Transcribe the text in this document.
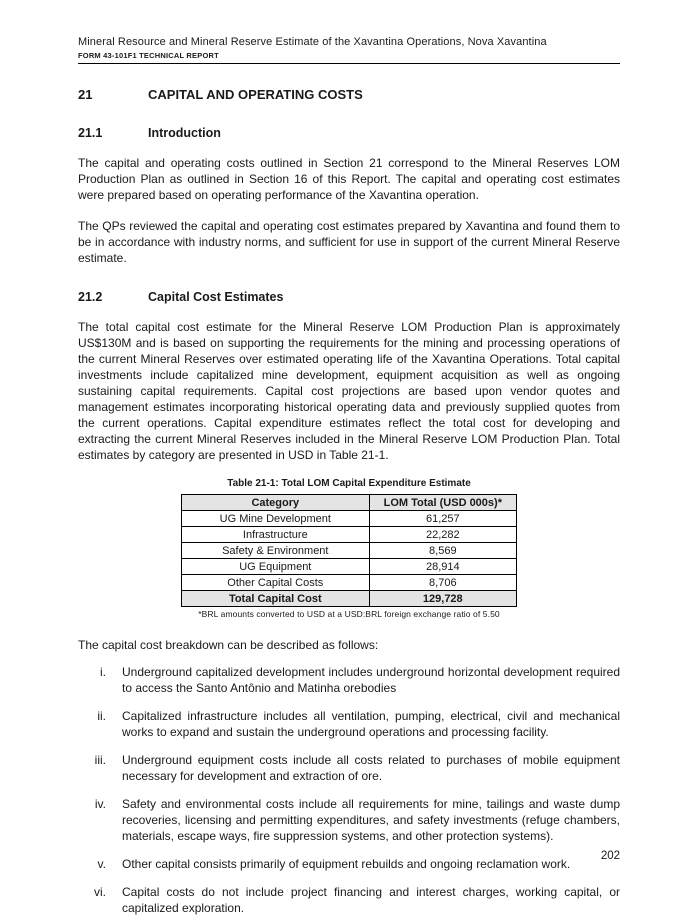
Mineral Resource and Mineral Reserve Estimate of the Xavantina Operations, Nova Xavantina
FORM 43-101F1 TECHNICAL REPORT
21	CAPITAL AND OPERATING COSTS
21.1	Introduction

The capital and operating costs outlined in Section 21 correspond to the Mineral Reserves LOM Production Plan as outlined in Section 16 of this Report. The capital and operating cost estimates were prepared based on operating performance of the Xavantina operation.

The QPs reviewed the capital and operating cost estimates prepared by Xavantina and found them to be in accordance with industry norms, and sufficient for use in support of the current Mineral Reserve estimate.

21.2	Capital Cost Estimates

The total capital cost estimate for the Mineral Reserve LOM Production Plan is approximately US$130M and is based on supporting the requirements for the mining and processing operations of the current Mineral Reserves over estimated operating life of the Xavantina Operations. Total capital investments include capitalized mine development, equipment acquisition as well as ongoing sustaining capital requirements. Capital cost projections are based upon vendor quotes and management estimates incorporating historical operating data and previously supplied quotes from the current operations. Capital expenditure estimates reflect the total cost for developing and extracting the current Mineral Reserves included in the Mineral Reserve LOM Production Plan. Total estimates by category are presented in USD in Table 21-1.

Table 21-1: Total LOM Capital Expenditure Estimate
Category	LOM Total (USD 000s)*
UG Mine Development	61,257
Infrastructure	22,282
Safety & Environment	8,569
UG Equipment	28,914
Other Capital Costs	8,706
Total Capital Cost	129,728
*BRL amounts converted to USD at a USD:BRL foreign exchange ratio of 5.50
The capital cost breakdown can be described as follows:
i. Underground capitalized development includes underground horizontal development required to access the Santo Antônio and Matinha orebodies
ii. Capitalized infrastructure includes all ventilation, pumping, electrical, civil and mechanical works to expand and sustain the underground operations and processing facility.
iii. Underground equipment costs include all costs related to purchases of mobile equipment necessary for development and extraction of ore.
iv. Safety and environmental costs include all requirements for mine, tailings and waste dump recoveries, licensing and permitting expenditures, and safety investments (refuge chambers, materials, escape ways, fire suppression systems, and other protection systems).
v. Other capital consists primarily of equipment rebuilds and ongoing reclamation work.
vi. Capital costs do not include project financing and interest charges, working capital, or capitalized exploration.
202
